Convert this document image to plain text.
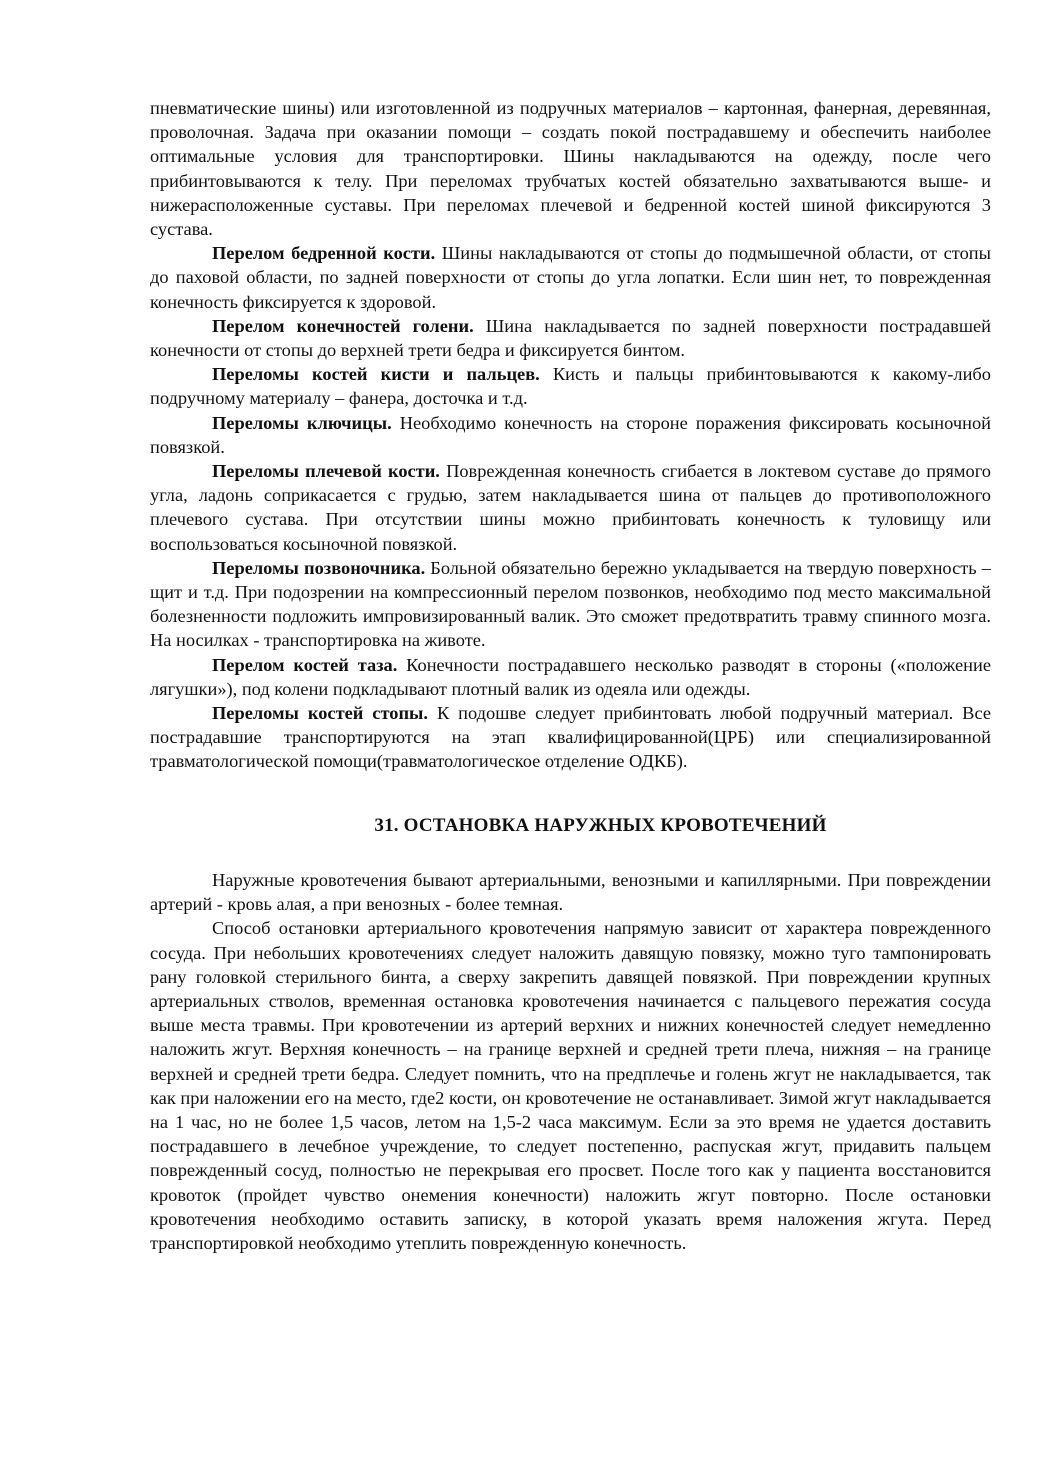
пневматические шины) или изготовленной из подручных материалов – картонная, фанерная, деревянная, проволочная. Задача при оказании помощи – создать покой пострадавшему и обеспечить наиболее оптимальные условия для транспортировки. Шины накладываются на одежду, после чего прибинтовываются к телу. При переломах трубчатых костей обязательно захватываются выше- и нижерасположенные суставы. При переломах плечевой и бедренной костей шиной фиксируются 3 сустава.

Перелом бедренной кости. Шины накладываются от стопы до подмышечной области, от стопы до паховой области, по задней поверхности от стопы до угла лопатки. Если шин нет, то поврежденная конечность фиксируется к здоровой.

Перелом конечностей голени. Шина накладывается по задней поверхности пострадавшей конечности от стопы до верхней трети бедра и фиксируется бинтом.

Переломы костей кисти и пальцев. Кисть и пальцы прибинтовываются к какому-либо подручному материалу – фанера, досточка и т.д.

Переломы ключицы. Необходимо конечность на стороне поражения фиксировать косыночной повязкой.

Переломы плечевой кости. Поврежденная конечность сгибается в локтевом суставе до прямого угла, ладонь соприкасается с грудью, затем накладывается шина от пальцев до противоположного плечевого сустава. При отсутствии шины можно прибинтовать конечность к туловищу или воспользоваться косыночной повязкой.

Переломы позвоночника. Больной обязательно бережно укладывается на твердую поверхность – щит и т.д. При подозрении на компрессионный перелом позвонков, необходимо под место максимальной болезненности подложить импровизированный валик. Это сможет предотвратить травму спинного мозга. На носилках - транспортировка на животе.

Перелом костей таза. Конечности пострадавшего несколько разводят в стороны («положение лягушки»), под колени подкладывают плотный валик из одеяла или одежды.

Переломы костей стопы. К подошве следует прибинтовать любой подручный материал. Все пострадавшие транспортируются на этап квалифицированной(ЦРБ) или специализированной травматологической помощи(травматологическое отделение ОДКБ).

31. ОСТАНОВКА НАРУЖНЫХ КРОВОТЕЧЕНИЙ

Наружные кровотечения бывают артериальными, венозными и капиллярными. При повреждении артерий - кровь алая, а при венозных - более темная.

Способ остановки артериального кровотечения напрямую зависит от характера поврежденного сосуда. При небольших кровотечениях следует наложить давящую повязку, можно туго тампонировать рану головкой стерильного бинта, а сверху закрепить давящей повязкой. При повреждении крупных артериальных стволов, временная остановка кровотечения начинается с пальцевого пережатия сосуда выше места травмы. При кровотечении из артерий верхних и нижних конечностей следует немедленно наложить жгут. Верхняя конечность – на границе верхней и средней трети плеча, нижняя – на границе верхней и средней трети бедра. Следует помнить, что на предплечье и голень жгут не накладывается, так как при наложении его на место, где2 кости, он кровотечение не останавливает. Зимой жгут накладывается на 1 час, но не более 1,5 часов, летом на 1,5-2 часа максимум. Если за это время не удается доставить пострадавшего в лечебное учреждение, то следует постепенно, распуская жгут, придавить пальцем поврежденный сосуд, полностью не перекрывая его просвет. После того как у пациента восстановится кровоток (пройдет чувство онемения конечности) наложить жгут повторно. После остановки кровотечения необходимо оставить записку, в которой указать время наложения жгута. Перед транспортировкой необходимо утеплить поврежденную конечность.
